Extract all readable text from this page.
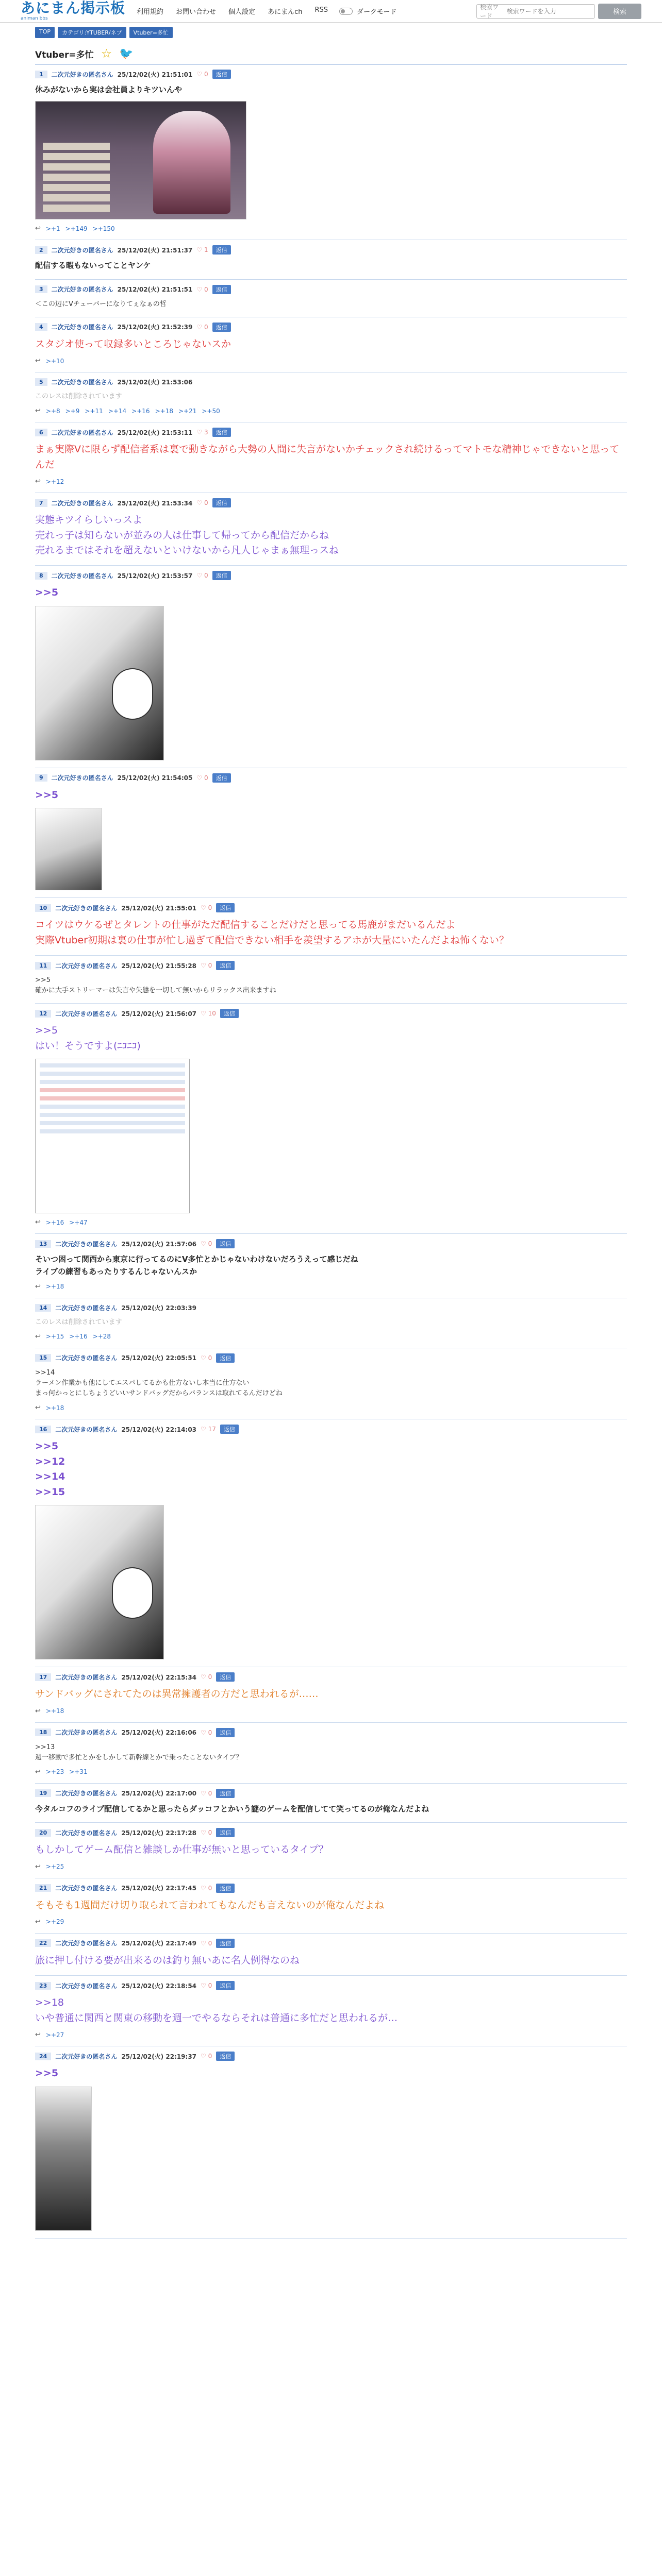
あにまん掲示板
animan bbs
利用規約 お問い合わせ 個人設定 あにまんch RSS	ダークモード
検索ワード
検索ワードを入力
検索
TOP	カテゴリ:YTUBER/ネプ	Vtuber=多忙
Vtuber=多忙 ☆ 🐦
1	二次元好きの匿名さん 25/12/02(火) 21:51:01 ♡ 0	返信
休みがないから実は会社員よりキツいんや
↩ >+1 >+149 >+150
2	二次元好きの匿名さん 25/12/02(火) 21:51:37 ♡ 1	返信
配信する暇もないってことヤンケ
3	二次元好きの匿名さん 25/12/02(火) 21:51:51 ♡ 0	返信
＜この辺にVチューバーになりてぇなぁの哲
4	二次元好きの匿名さん 25/12/02(火) 21:52:39 ♡ 0	返信
スタジオ使って収録多いところじゃないスか
↩ >+10
5	二次元好きの匿名さん 25/12/02(火) 21:53:06
このレスは削除されています
↩ >+8 >+9 >+11 >+14 >+16 >+18 >+21 >+50
6	二次元好きの匿名さん 25/12/02(火) 21:53:11 ♡ 3	返信
まぁ実際Vに限らず配信者系は裏で動きながら大勢の人間に失言がないかチェックされ続けるってマトモな精神じゃできないと思ってんだ
↩ >+12
7	二次元好きの匿名さん 25/12/02(火) 21:53:34 ♡ 0	返信
実態キツイらしいっスよ
売れっ子は知らないが並みの人は仕事して帰ってから配信だからね
売れるまではそれを超えないといけないから凡人じゃまぁ無理っスね
8	二次元好きの匿名さん 25/12/02(火) 21:53:57 ♡ 0	返信
>>5
9	二次元好きの匿名さん 25/12/02(火) 21:54:05 ♡ 0	返信
>>5
10	二次元好きの匿名さん 25/12/02(火) 21:55:01 ♡ 0	返信
コイツはウケるぜとタレントの仕事がただ配信することだけだと思ってる馬鹿がまだいるんだよ
実際Vtuber初期は裏の仕事が忙し過ぎて配信できない相手を羨望するアホが大量にいたんだよね怖くない？
11	二次元好きの匿名さん 25/12/02(火) 21:55:28 ♡ 0	返信
>>5
確かに大手ストリーマーは失言や失態を一切して無いからリラックス出来ますね
12	二次元好きの匿名さん 25/12/02(火) 21:56:07 ♡ 10	返信
>>5
はい！そうですよ(ﾆｺﾆｺ)
↩ >+16 >+47
13	二次元好きの匿名さん 25/12/02(火) 21:57:06 ♡ 0	返信
そいつ困って関西から東京に行ってるのにV多忙とかじゃないわけないだろうえって感じだね
ライブの練習もあったりするんじゃないんスか
↩ >+18
14	二次元好きの匿名さん 25/12/02(火) 22:03:39
このレスは削除されています
↩ >+15 >+16 >+28
15	二次元好きの匿名さん 25/12/02(火) 22:05:51 ♡ 0	返信
>>14
ラーメン作業かも他にしてエスパしてるかも仕方ないし本当に仕方ない
まっ何かっとにしちょうどいいサンドバッグだからバランスは取れてるんだけどね
↩ >+18
16	二次元好きの匿名さん 25/12/02(火) 22:14:03 ♡ 17	返信
>>5
>>12
>>14
>>15
17	二次元好きの匿名さん 25/12/02(火) 22:15:34 ♡ 0	返信
サンドバッグにされてたのは異常擁護者の方だと思われるが……
↩ >+18
18	二次元好きの匿名さん 25/12/02(火) 22:16:06 ♡ 0	返信
>>13
週一移動で多忙とかをしかして新幹線とかで乗ったことないタイプ？
↩ >+23 >+31
19	二次元好きの匿名さん 25/12/02(火) 22:17:00 ♡ 0	返信
今タルコフのライブ配信してるかと思ったらダッコフとかいう謎のゲームを配信してて笑ってるのが俺なんだよね
20	二次元好きの匿名さん 25/12/02(火) 22:17:28 ♡ 0	返信
もしかしてゲーム配信と雑談しか仕事が無いと思っているタイプ？
↩ >+25
21	二次元好きの匿名さん 25/12/02(火) 22:17:45 ♡ 0	返信
そもそも1週間だけ切り取られて言われてもなんだも言えないのが俺なんだよね
↩ >+29
22	二次元好きの匿名さん 25/12/02(火) 22:17:49 ♡ 0	返信
旅に押し付ける要が出来るのは釣り無いあに名人例得なのね
23	二次元好きの匿名さん 25/12/02(火) 22:18:54 ♡ 0	返信
>>18
いや普通に関西と関東の移動を週一でやるならそれは普通に多忙だと思われるが…
↩ >+27
24	二次元好きの匿名さん 25/12/02(火) 22:19:37 ♡ 0	返信
>>5
